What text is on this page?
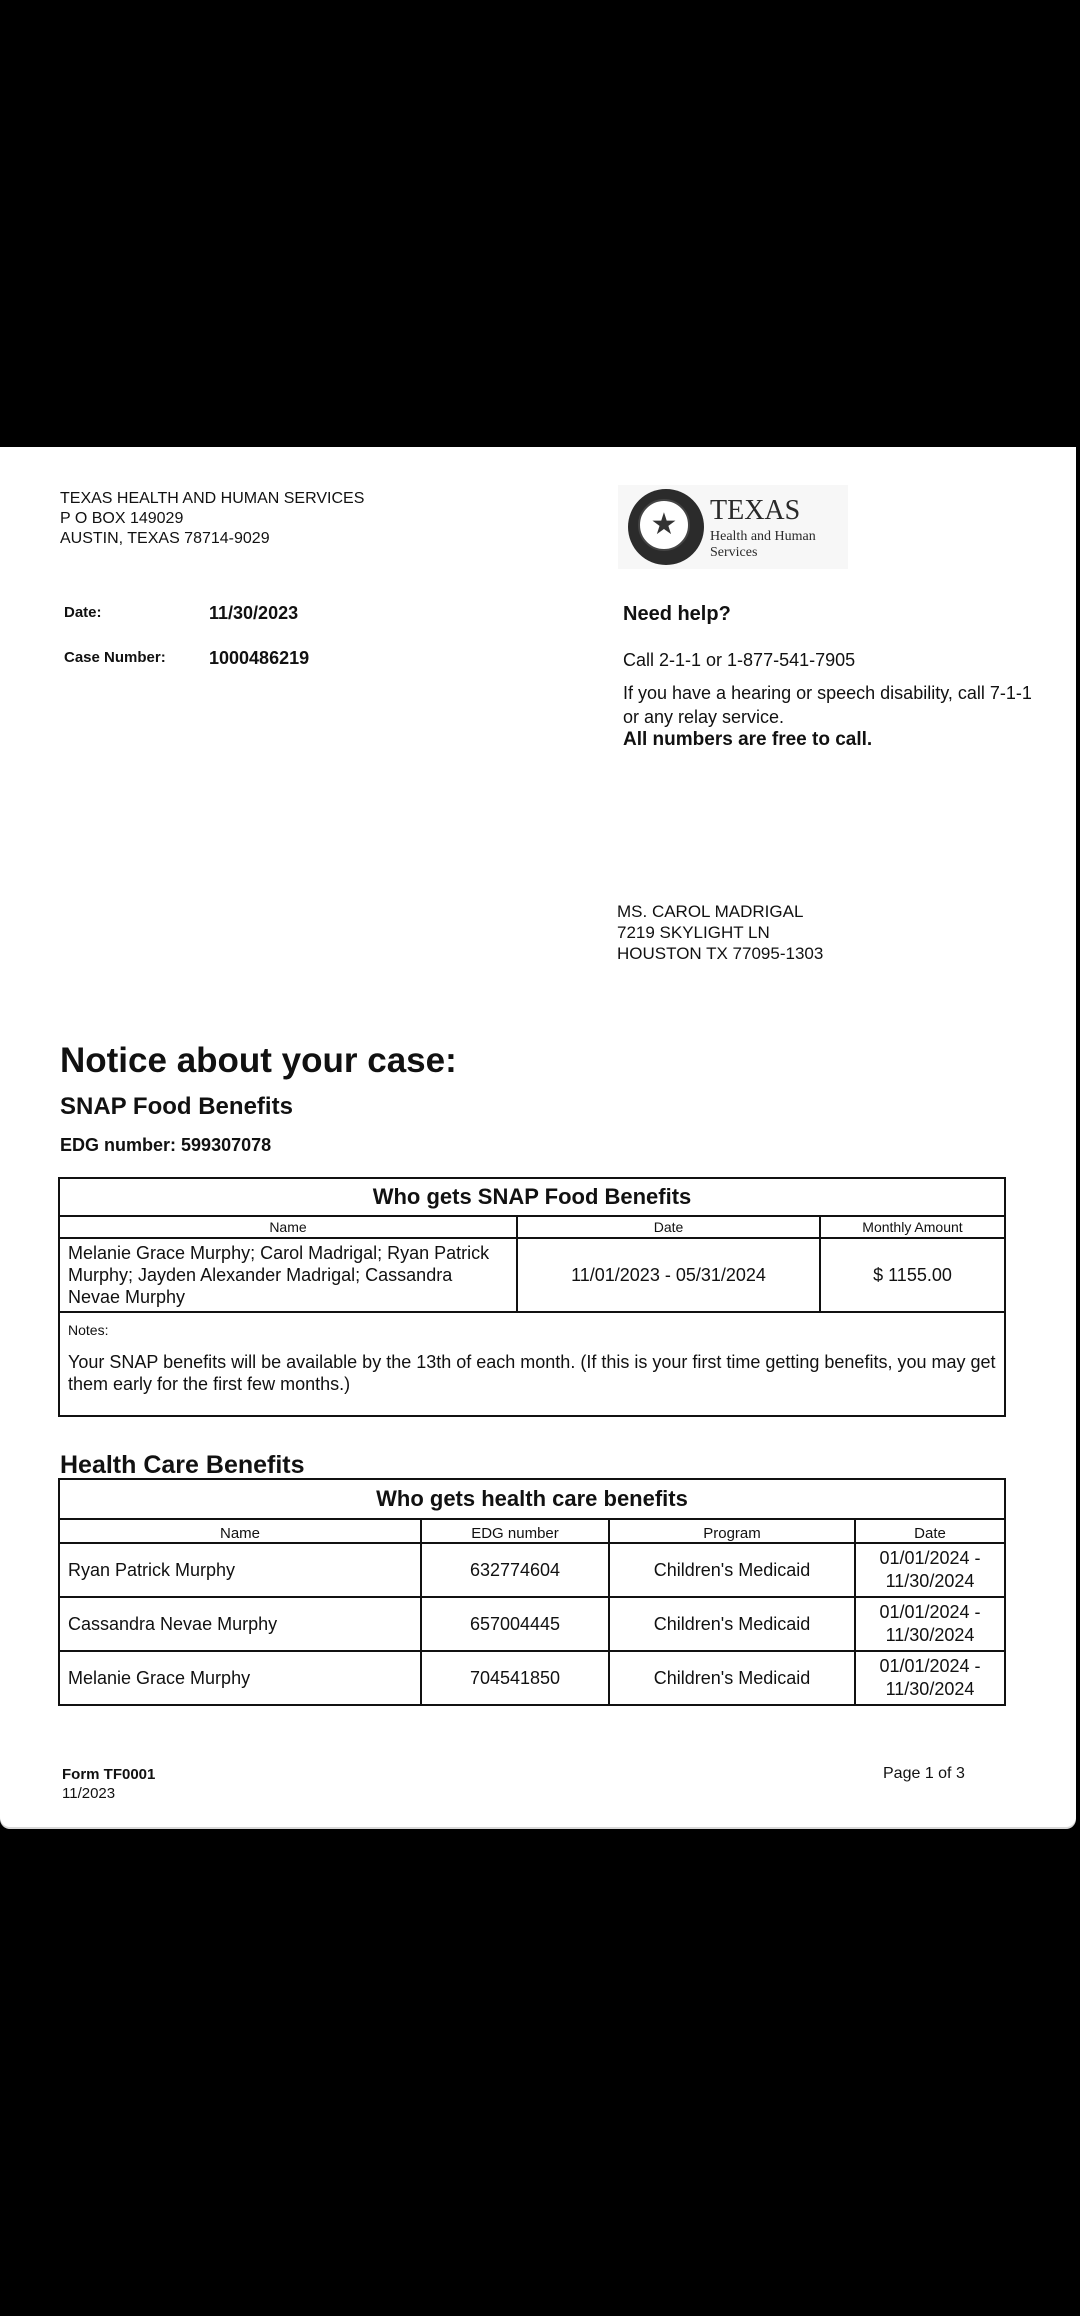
TEXAS HEALTH AND HUMAN SERVICES
P O BOX 149029
AUSTIN, TEXAS 78714-9029	★	TEXAS
Health and Human
Services
Date:	11/30/2023
Case Number: 1000486219
Need help?
Call 2-1-1 or 1-877-541-7905
If you have a hearing or speech disability, call 7-1-1 or any relay service.
All numbers are free to call.
MS. CAROL MADRIGAL
7219 SKYLIGHT LN
HOUSTON TX 77095-1303
Notice about your case:
SNAP Food Benefits
EDG number: 599307078
Who gets SNAP Food Benefits		
Name	Date	Monthly Amount
Melanie Grace Murphy; Carol Madrigal; Ryan Patrick Murphy; Jayden Alexander Madrigal; Cassandra Nevae Murphy	11/01/2023 - 05/31/2024	$ 1155.00

Notes:
Your SNAP benefits will be available by the 13th of each month. (If this is your first time getting benefits, you may get them early for the first few months.)		
Health Care Benefits
Who gets health care benefits			
Name	EDG number	Program	Date
Ryan Patrick Murphy	632774604	Children's Medicaid	01/01/2024 -
11/30/2024

Cassandra Nevae Murphy	657004445	Children's Medicaid	01/01/2024 -
11/30/2024

Melanie Grace Murphy	704541850	Children's Medicaid	01/01/2024 -
11/30/2024
Form TF0001
11/2023
Page 1 of 3
